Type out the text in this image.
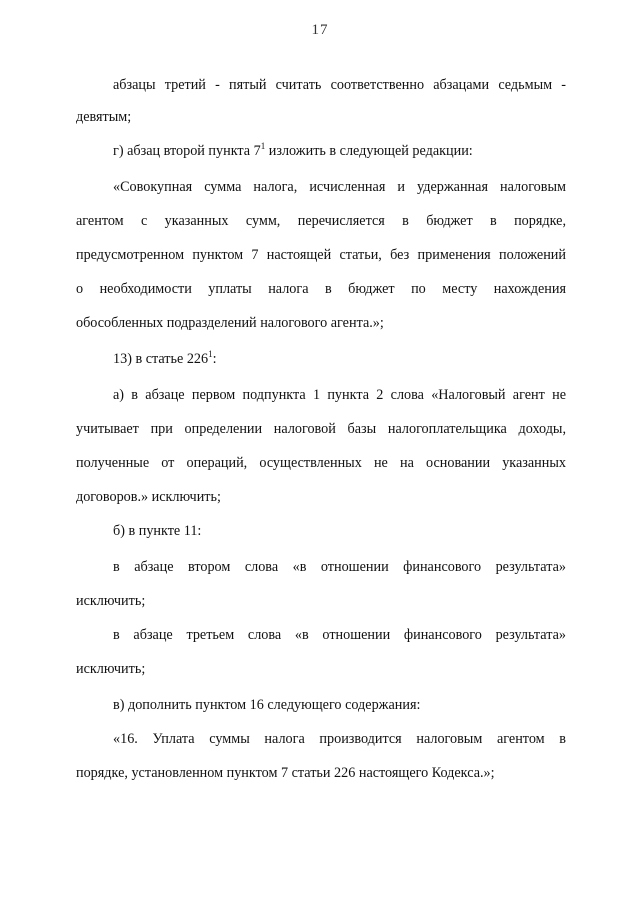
17
абзацы третий - пятый считать соответственно абзацами седьмым -
девятым;
г) абзац второй пункта $7^1$ изложить в следующей редакции:
«Совокупная сумма налога, исчисленная и удержанная налоговым
агентом с указанных сумм, перечисляется в бюджет в порядке,
предусмотренном пунктом 7 настоящей статьи, без применения положений
о необходимости уплаты налога в бюджет по месту нахождения
обособленных подразделений налогового агента.»;
13) в статье $226^1$:
а) в абзаце первом подпункта 1 пункта 2 слова «Налоговый агент не
учитывает при определении налоговой базы налогоплательщика доходы,
полученные от операций, осуществленных не на основании указанных
договоров.» исключить;
б) в пункте 11:
в абзаце втором слова «в отношении финансового результата»
исключить;
в абзаце третьем слова «в отношении финансового результата»
исключить;
в) дополнить пунктом 16 следующего содержания:
«16. Уплата суммы налога производится налоговым агентом в
порядке, установленном пунктом 7 статьи 226 настоящего Кодекса.»;
